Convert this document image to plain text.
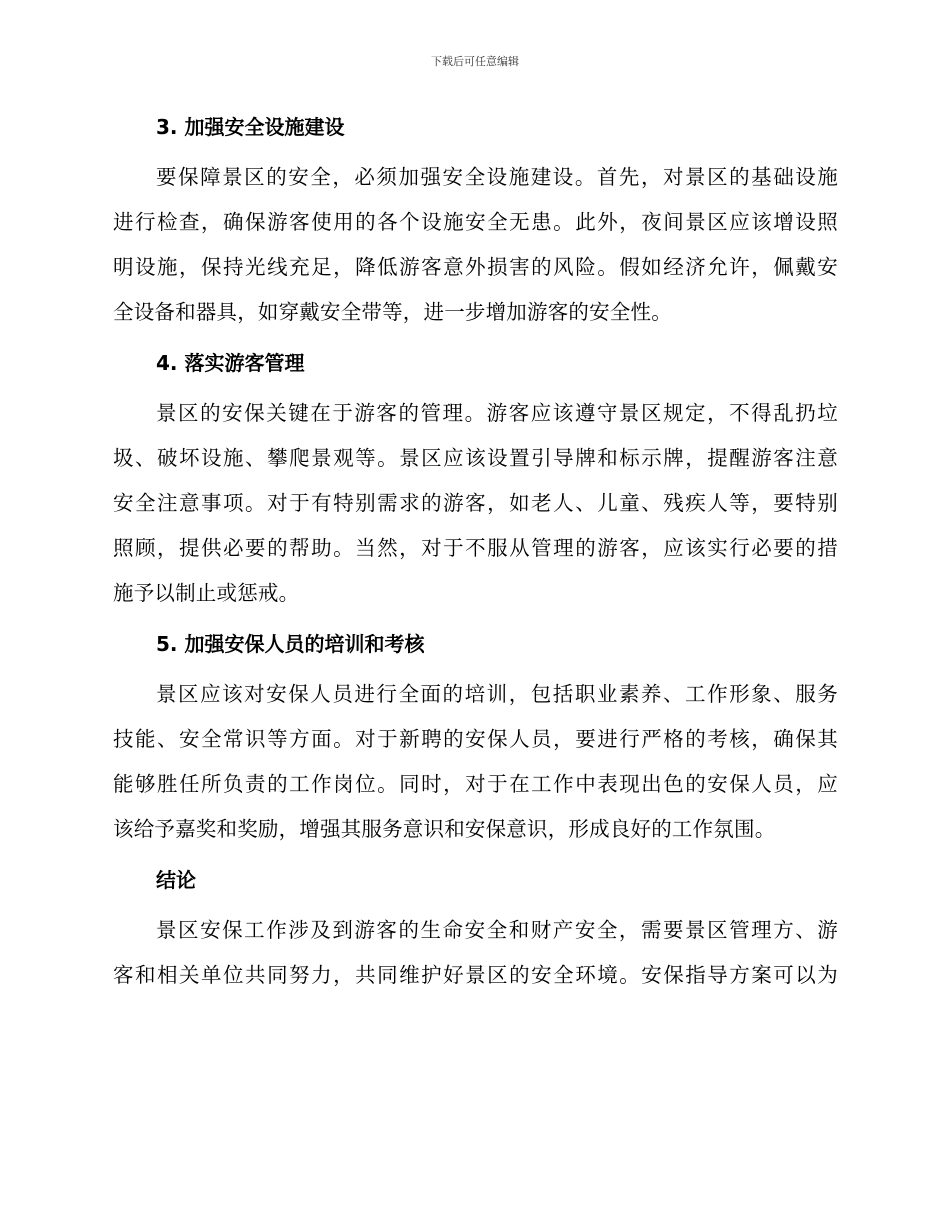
下载后可任意编辑
3. 加强安全设施建设

要保障景区的安全，必须加强安全设施建设。首先，对景区的基础设施
进行检查，确保游客使用的各个设施安全无患。此外，夜间景区应该增设照
明设施，保持光线充足，降低游客意外损害的风险。假如经济允许，佩戴安
全设备和器具，如穿戴安全带等，进一步增加游客的安全性。

4. 落实游客管理

景区的安保关键在于游客的管理。游客应该遵守景区规定，不得乱扔垃
圾、破坏设施、攀爬景观等。景区应该设置引导牌和标示牌，提醒游客注意
安全注意事项。对于有特别需求的游客，如老人、儿童、残疾人等，要特别
照顾，提供必要的帮助。当然，对于不服从管理的游客，应该实行必要的措
施予以制止或惩戒。

5. 加强安保人员的培训和考核

景区应该对安保人员进行全面的培训，包括职业素养、工作形象、服务
技能、安全常识等方面。对于新聘的安保人员，要进行严格的考核，确保其
能够胜任所负责的工作岗位。同时，对于在工作中表现出色的安保人员，应
该给予嘉奖和奖励，增强其服务意识和安保意识，形成良好的工作氛围。

结论

景区安保工作涉及到游客的生命安全和财产安全，需要景区管理方、游
客和相关单位共同努力，共同维护好景区的安全环境。安保指导方案可以为
